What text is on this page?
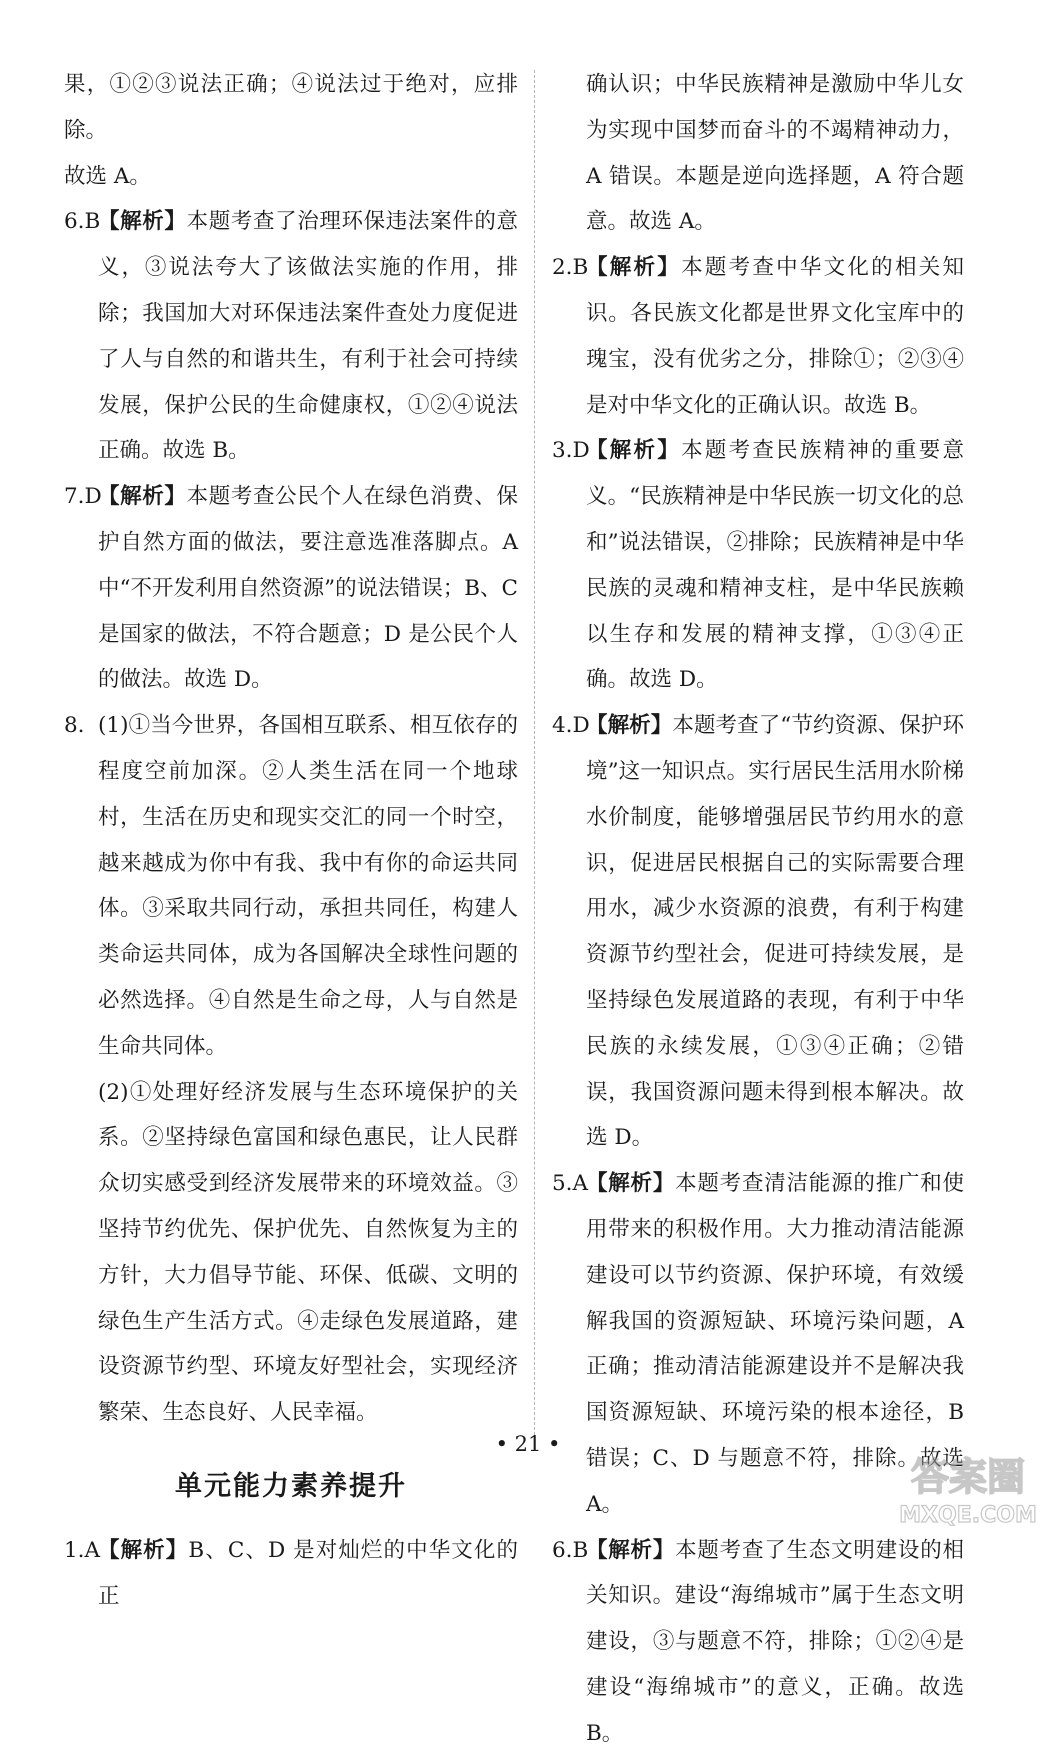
果，①②③说法正确；④说法过于绝对，应排除。

故选 A。

6.B
【解析】本题考查了治理环保违法案件的意义，③说法夸大了该做法实施的作用，排除；我国加大对环保违法案件查处力度促进了人与自然的和谐共生，有利于社会可持续发展，保护公民的生命健康权，①②④说法正确。故选 B。
7.D
【解析】本题考查公民个人在绿色消费、保护自然方面的做法，要注意选准落脚点。A 中“不开发利用自然资源”的说法错误；B、C 是国家的做法，不符合题意；D 是公民个人的做法。故选 D。
8. (1)①当今世界，各国相互联系、相互依存的程度空前加深。②人类生活在同一个地球村，生活在历史和现实交汇的同一个时空，越来越成为你中有我、我中有你的命运共同体。③采取共同行动，承担共同任，构建人类命运共同体，成为各国解决全球性问题的必然选择。④自然是生命之母，人与自然是生命共同体。

(2)①处理好经济发展与生态环境保护的关系。②坚持绿色富国和绿色惠民，让人民群众切实感受到经济发展带来的环境效益。③坚持节约优先、保护优先、自然恢复为主的方针，大力倡导节能、环保、低碳、文明的绿色生产生活方式。④走绿色发展道路，建设资源节约型、环境友好型社会，实现经济繁荣、生态良好、人民幸福。

单元能力素养提升
1.A
【解析】B、C、D 是对灿烂的中华文化的正

确认识；中华民族精神是激励中华儿女为实现中国梦而奋斗的不竭精神动力，A 错误。本题是逆向选择题，A 符合题意。故选 A。

2.B
【解析】本题考查中华文化的相关知识。各民族文化都是世界文化宝库中的瑰宝，没有优劣之分，排除①；②③④是对中华文化的正确认识。故选 B。
3.D
【解析】本题考查民族精神的重要意义。“民族精神是中华民族一切文化的总和”说法错误，②排除；民族精神是中华民族的灵魂和精神支柱，是中华民族赖以生存和发展的精神支撑，①③④正确。故选 D。
4.D
【解析】本题考查了“节约资源、保护环境”这一知识点。实行居民生活用水阶梯水价制度，能够增强居民节约用水的意识，促进居民根据自己的实际需要合理用水，减少水资源的浪费，有利于构建资源节约型社会，促进可持续发展，是坚持绿色发展道路的表现，有利于中华民族的永续发展，①③④正确；②错误，我国资源问题未得到根本解决。故选 D。
5.A
【解析】本题考查清洁能源的推广和使用带来的积极作用。大力推动清洁能源建设可以节约资源、保护环境，有效缓解我国的资源短缺、环境污染问题，A 正确；推动清洁能源建设并不是解决我国资源短缺、环境污染的根本途径，B 错误；C、D 与题意不符，排除。故选 A。
6.B
【解析】本题考查了生态文明建设的相关知识。建设“海绵城市”属于生态文明建设，③与题意不符，排除；①②④是建设“海绵城市”的意义，正确。故选 B。
• 21 •
答案圈
MXQE.COM
